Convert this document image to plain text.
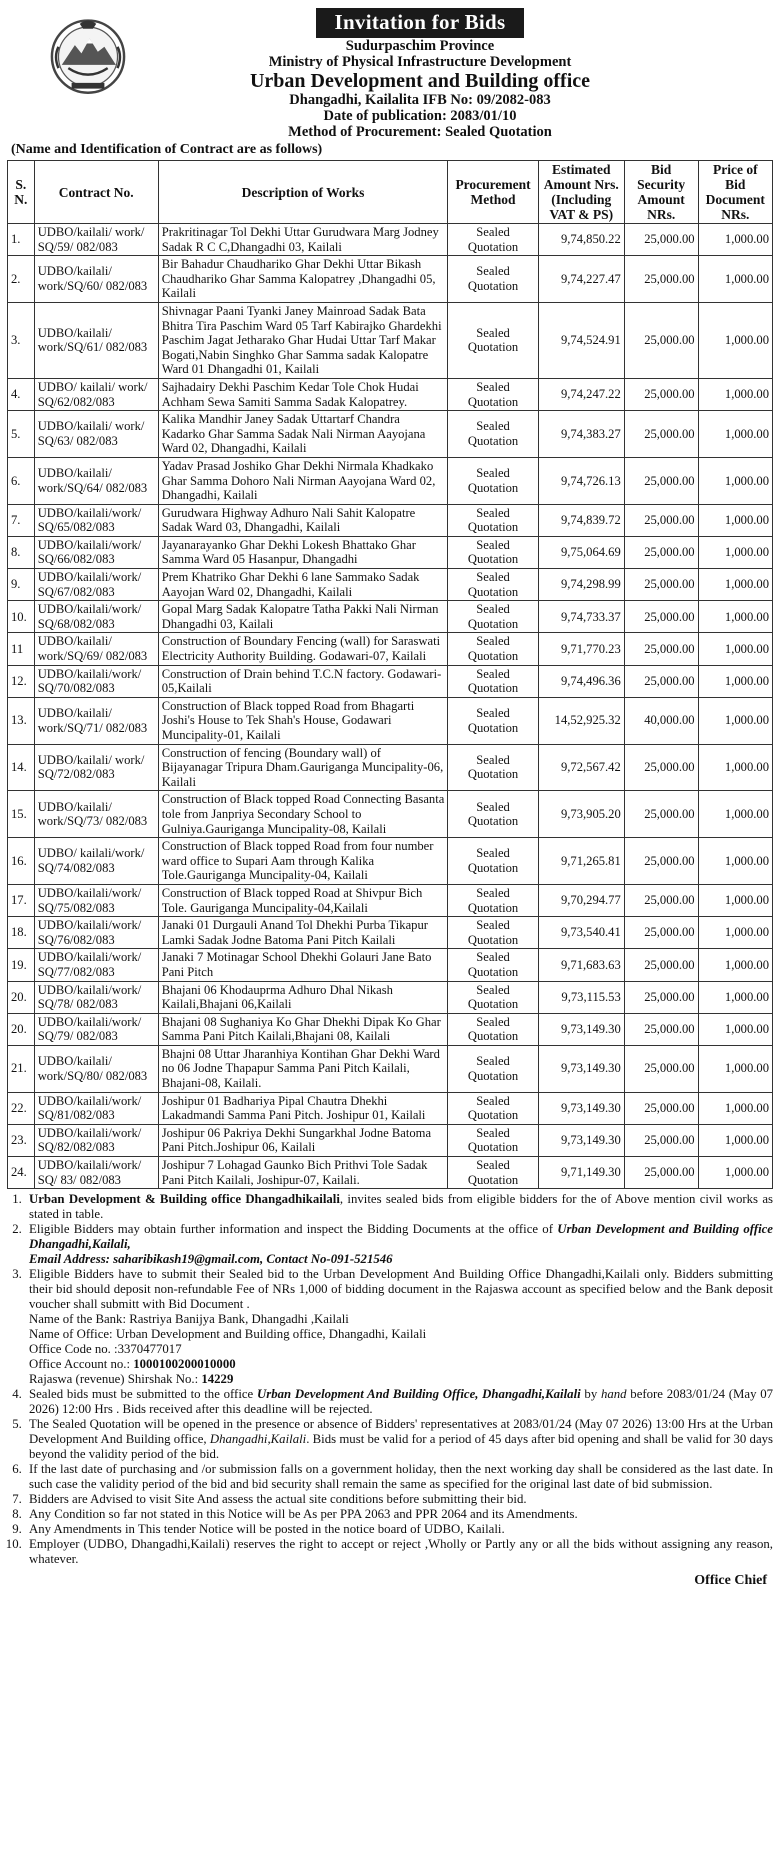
Invitation for Bids
Sudurpaschim Province
Ministry of Physical Infrastructure Development
Urban Development and Building office
Dhangadhi, Kailalita IFB No: 09/2082-083
Date of publication: 2083/01/10
Method of Procurement: Sealed Quotation
(Name and Identification of Contract are as follows)
S. N.	Contract No.	Description of Works	Procurement Method	Estimated Amount Nrs. (Including VAT & PS)	Bid Security Amount NRs.	Price of Bid Document NRs.
1.	UDBO/kailali/ work/ SQ/59/ 082/083	Prakritinagar Tol Dekhi Uttar Gurudwara Marg Jodney Sadak R C C,Dhangadhi 03, Kailali	Sealed Quotation	9,74,850.22	25,000.00	1,000.00
2.	UDBO/kailali/ work/SQ/60/ 082/083	Bir Bahadur Chaudhariko Ghar Dekhi Uttar Bikash Chaudhariko Ghar Samma Kalopatrey ,Dhangadhi 05, Kailali	Sealed Quotation	9,74,227.47	25,000.00	1,000.00
3.	UDBO/kailali/ work/SQ/61/ 082/083	Shivnagar Paani Tyanki Janey Mainroad Sadak Bata Bhitra Tira Paschim Ward 05 Tarf Kabirajko Ghardekhi Paschim Jagat Jetharako Ghar Hudai Uttar Tarf Makar Bogati,Nabin Singhko Ghar Samma sadak Kalopatre Ward 01 Dhangadhi 01, Kailali	Sealed Quotation	9,74,524.91	25,000.00	1,000.00
4.	UDBO/ kailali/ work/ SQ/62/082/083	Sajhadairy Dekhi Paschim Kedar Tole Chok Hudai Achham Sewa Samiti Samma Sadak Kalopatrey.	Sealed Quotation	9,74,247.22	25,000.00	1,000.00
5.	UDBO/kailali/ work/ SQ/63/ 082/083	Kalika Mandhir Janey Sadak Uttartarf Chandra Kadarko Ghar Samma Sadak Nali Nirman Aayojana Ward 02, Dhangadhi, Kailali	Sealed Quotation	9,74,383.27	25,000.00	1,000.00
6.	UDBO/kailali/ work/SQ/64/ 082/083	Yadav Prasad Joshiko Ghar Dekhi Nirmala Khadkako Ghar Samma Dohoro Nali Nirman Aayojana Ward 02, Dhangadhi, Kailali	Sealed Quotation	9,74,726.13	25,000.00	1,000.00
7.	UDBO/kailali/work/ SQ/65/082/083	Gurudwara Highway Adhuro Nali Sahit Kalopatre Sadak Ward 03, Dhangadhi, Kailali	Sealed Quotation	9,74,839.72	25,000.00	1,000.00
8.	UDBO/kailali/work/ SQ/66/082/083	Jayanarayanko Ghar Dekhi Lokesh Bhattako Ghar Samma Ward 05 Hasanpur, Dhangadhi	Sealed Quotation	9,75,064.69	25,000.00	1,000.00
9.	UDBO/kailali/work/ SQ/67/082/083	Prem Khatriko Ghar Dekhi 6 lane Sammako Sadak Aayojan Ward 02, Dhangadhi, Kailali	Sealed Quotation	9,74,298.99	25,000.00	1,000.00
10.	UDBO/kailali/work/ SQ/68/082/083	Gopal Marg Sadak Kalopatre Tatha Pakki Nali Nirman Dhangadhi 03, Kailali	Sealed Quotation	9,74,733.37	25,000.00	1,000.00
11	UDBO/kailali/ work/SQ/69/ 082/083	Construction of Boundary Fencing (wall) for Saraswati Electricity Authority Building. Godawari-07, Kailali	Sealed Quotation	9,71,770.23	25,000.00	1,000.00
12.	UDBO/kailali/work/ SQ/70/082/083	Construction of Drain behind T.C.N factory. Godawari-05,Kailali	Sealed Quotation	9,74,496.36	25,000.00	1,000.00
13.	UDBO/kailali/ work/SQ/71/ 082/083	Construction of Black topped Road from Bhagarti Joshi's House to Tek Shah's House, Godawari Muncipality-01, Kailali	Sealed Quotation	14,52,925.32	40,000.00	1,000.00
14.	UDBO/kailali/ work/ SQ/72/082/083	Construction of fencing (Boundary wall) of Bijayanagar Tripura Dham.Gauriganga Muncipality-06, Kailali	Sealed Quotation	9,72,567.42	25,000.00	1,000.00
15.	UDBO/kailali/ work/SQ/73/ 082/083	Construction of Black topped Road Connecting Basanta tole from Janpriya Secondary School to Gulniya.Gauriganga Muncipality-08, Kailali	Sealed Quotation	9,73,905.20	25,000.00	1,000.00
16.	UDBO/ kailali/work/ SQ/74/082/083	Construction of Black topped Road from four number ward office to Supari Aam through Kalika Tole.Gauriganga Muncipality-04, Kailali	Sealed Quotation	9,71,265.81	25,000.00	1,000.00
17.	UDBO/kailali/work/ SQ/75/082/083	Construction of Black topped Road at Shivpur Bich Tole. Gauriganga Muncipality-04,Kailali	Sealed Quotation	9,70,294.77	25,000.00	1,000.00
18.	UDBO/kailali/work/ SQ/76/082/083	Janaki 01 Durgauli Anand Tol Dhekhi Purba Tikapur Lamki Sadak Jodne Batoma Pani Pitch Kailali	Sealed Quotation	9,73,540.41	25,000.00	1,000.00
19.	UDBO/kailali/work/ SQ/77/082/083	Janaki 7 Motinagar School Dhekhi Golauri Jane Bato Pani Pitch	Sealed Quotation	9,71,683.63	25,000.00	1,000.00
20.	UDBO/kailali/work/ SQ/78/ 082/083	Bhajani 06 Khodauprma Adhuro Dhal Nikash Kailali,Bhajani 06,Kailali	Sealed Quotation	9,73,115.53	25,000.00	1,000.00
20.	UDBO/kailali/work/ SQ/79/ 082/083	Bhajani 08 Sughaniya Ko Ghar Dhekhi Dipak Ko Ghar Samma Pani Pitch Kailali,Bhajani 08, Kailali	Sealed Quotation	9,73,149.30	25,000.00	1,000.00
21.	UDBO/kailali/ work/SQ/80/ 082/083	Bhajni 08 Uttar Jharanhiya Kontihan Ghar Dekhi Ward no 06 Jodne Thapapur Samma Pani Pitch Kailali, Bhajani-08, Kailali.	Sealed Quotation	9,73,149.30	25,000.00	1,000.00
22.	UDBO/kailali/work/ SQ/81/082/083	Joshipur 01 Badhariya Pipal Chautra Dhekhi Lakadmandi Samma Pani Pitch. Joshipur 01, Kailali	Sealed Quotation	9,73,149.30	25,000.00	1,000.00
23.	UDBO/kailali/work/ SQ/82/082/083	Joshipur 06 Pakriya Dekhi Sungarkhal Jodne Batoma Pani Pitch.Joshipur 06, Kailali	Sealed Quotation	9,73,149.30	25,000.00	1,000.00
24.	UDBO/kailali/work/ SQ/ 83/ 082/083	Joshipur 7 Lohagad Gaunko Bich Prithvi Tole Sadak Pani Pitch Kailali, Joshipur-07, Kailali.	Sealed Quotation	9,71,149.30	25,000.00	1,000.00
1. Urban Development & Building office Dhangadhikailali, invites sealed bids from eligible bidders for the of Above mention civil works as stated in table.
2. Eligible Bidders may obtain further information and inspect the Bidding Documents at the office of Urban Development and Building office Dhangadhi,Kailali,
Email Address: saharibikash19@gmail.com, Contact No-091-521546
3. Eligible Bidders have to submit their Sealed bid to the Urban Development And Building Office Dhangadhi,Kailali only. Bidders submitting their bid should deposit non-refundable Fee of NRs 1,000 of bidding document in the Rajaswa account as specified below and the Bank deposit voucher shall submitt with Bid Document .
Name of the Bank: Rastriya Banijya Bank, Dhangadhi ,Kailali
Name of Office: Urban Development and Building office, Dhangadhi, Kailali
Office Code no. :3370477017
Office Account no.: 1000100200010000
Rajaswa (revenue) Shirshak No.: 14229
4. Sealed bids must be submitted to the office Urban Development And Building Office, Dhangadhi,Kailali by hand before 2083/01/24 (May 07 2026) 12:00 Hrs . Bids received after this deadline will be rejected.
5. The Sealed Quotation will be opened in the presence or absence of Bidders' representatives at 2083/01/24 (May 07 2026) 13:00 Hrs at the Urban Development And Building office, Dhangadhi,Kailali. Bids must be valid for a period of 45 days after bid opening and shall be valid for 30 days beyond the validity period of the bid.
6. If the last date of purchasing and /or submission falls on a government holiday, then the next working day shall be considered as the last date. In such case the validity period of the bid and bid security shall remain the same as specified for the original last date of bid submission.
7. Bidders are Advised to visit Site And assess the actual site conditions before submitting their bid.
8. Any Condition so far not stated in this Notice will be As per PPA 2063 and PPR 2064 and its Amendments.
9. Any Amendments in This tender Notice will be posted in the notice board of UDBO, Kailali.
10. Employer (UDBO, Dhangadhi,Kailali) reserves the right to accept or reject ,Wholly or Partly any or all the bids without assigning any reason, whatever.
Office Chief
